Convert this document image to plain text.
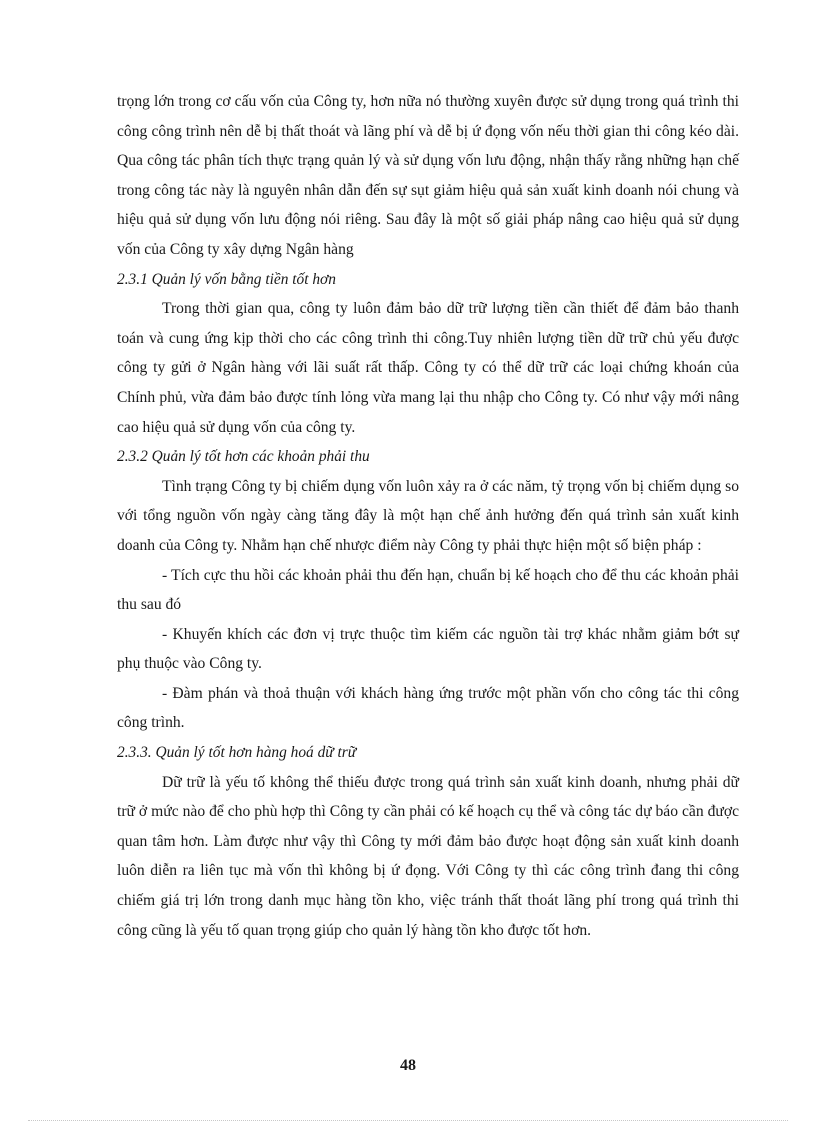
trọng lớn trong cơ cấu vốn của Công ty, hơn nữa nó thường xuyên được sử dụng trong quá trình thi công công trình nên dễ bị thất thoát và lãng phí và dễ bị ứ đọng vốn nếu thời gian thi công kéo dài. Qua công tác phân tích thực trạng quản lý và sử dụng vốn lưu động, nhận thấy rằng những hạn chế trong công tác này là nguyên nhân dẫn đến sự sụt giảm hiệu quả sản xuất kinh doanh nói chung và hiệu quả sử dụng vốn lưu động nói riêng. Sau đây là một số giải pháp nâng cao hiệu quả sử dụng vốn của Công ty xây dựng Ngân hàng

2.3.1 Quản lý vốn bằng tiền tốt hơn

Trong thời gian qua, công ty luôn đảm bảo dữ trữ lượng tiền cần thiết để đảm bảo thanh toán và cung ứng kịp thời cho các công trình thi công.Tuy nhiên lượng tiền dữ trữ chủ yếu được công ty gửi ở Ngân hàng với lãi suất rất thấp. Công ty có thể dữ trữ các loại chứng khoán của Chính phủ, vừa đảm bảo được tính lỏng vừa mang lại thu nhập cho Công ty. Có như vậy mới nâng cao hiệu quả sử dụng vốn của công ty.

2.3.2 Quản lý tốt hơn các khoản phải thu

Tình trạng Công ty bị chiếm dụng vốn luôn xảy ra ở các năm, tỷ trọng vốn bị chiếm dụng so với tổng nguồn vốn ngày càng tăng đây là một hạn chế ảnh hưởng đến quá trình sản xuất kinh doanh của Công ty. Nhằm hạn chế nhược điểm này Công ty phải thực hiện một số biện pháp :

- Tích cực thu hồi các khoản phải thu đến hạn, chuẩn bị kế hoạch cho để thu các khoản phải thu sau đó

- Khuyến khích các đơn vị trực thuộc tìm kiếm các nguồn tài trợ khác nhằm giảm bớt sự phụ thuộc vào Công ty.

- Đàm phán và thoả thuận với khách hàng ứng trước một phần vốn cho công tác thi công công trình.

2.3.3. Quản lý tốt hơn hàng hoá dữ trữ

Dữ trữ là yếu tố không thể thiếu được trong quá trình sản xuất kinh doanh, nhưng phải dữ trữ ở mức nào để cho phù hợp thì Công ty cần phải có kế hoạch cụ thể và công tác dự báo cần được quan tâm hơn. Làm được như vậy thì Công ty mới đảm bảo được hoạt động sản xuất kinh doanh luôn diễn ra liên tục mà vốn thì không bị ứ đọng. Với Công ty thì các công trình đang thi công chiếm giá trị lớn trong danh mục hàng tồn kho, việc tránh thất thoát lãng phí trong quá trình thi công cũng là yếu tố quan trọng giúp cho quản lý hàng tồn kho được tốt hơn.

48
